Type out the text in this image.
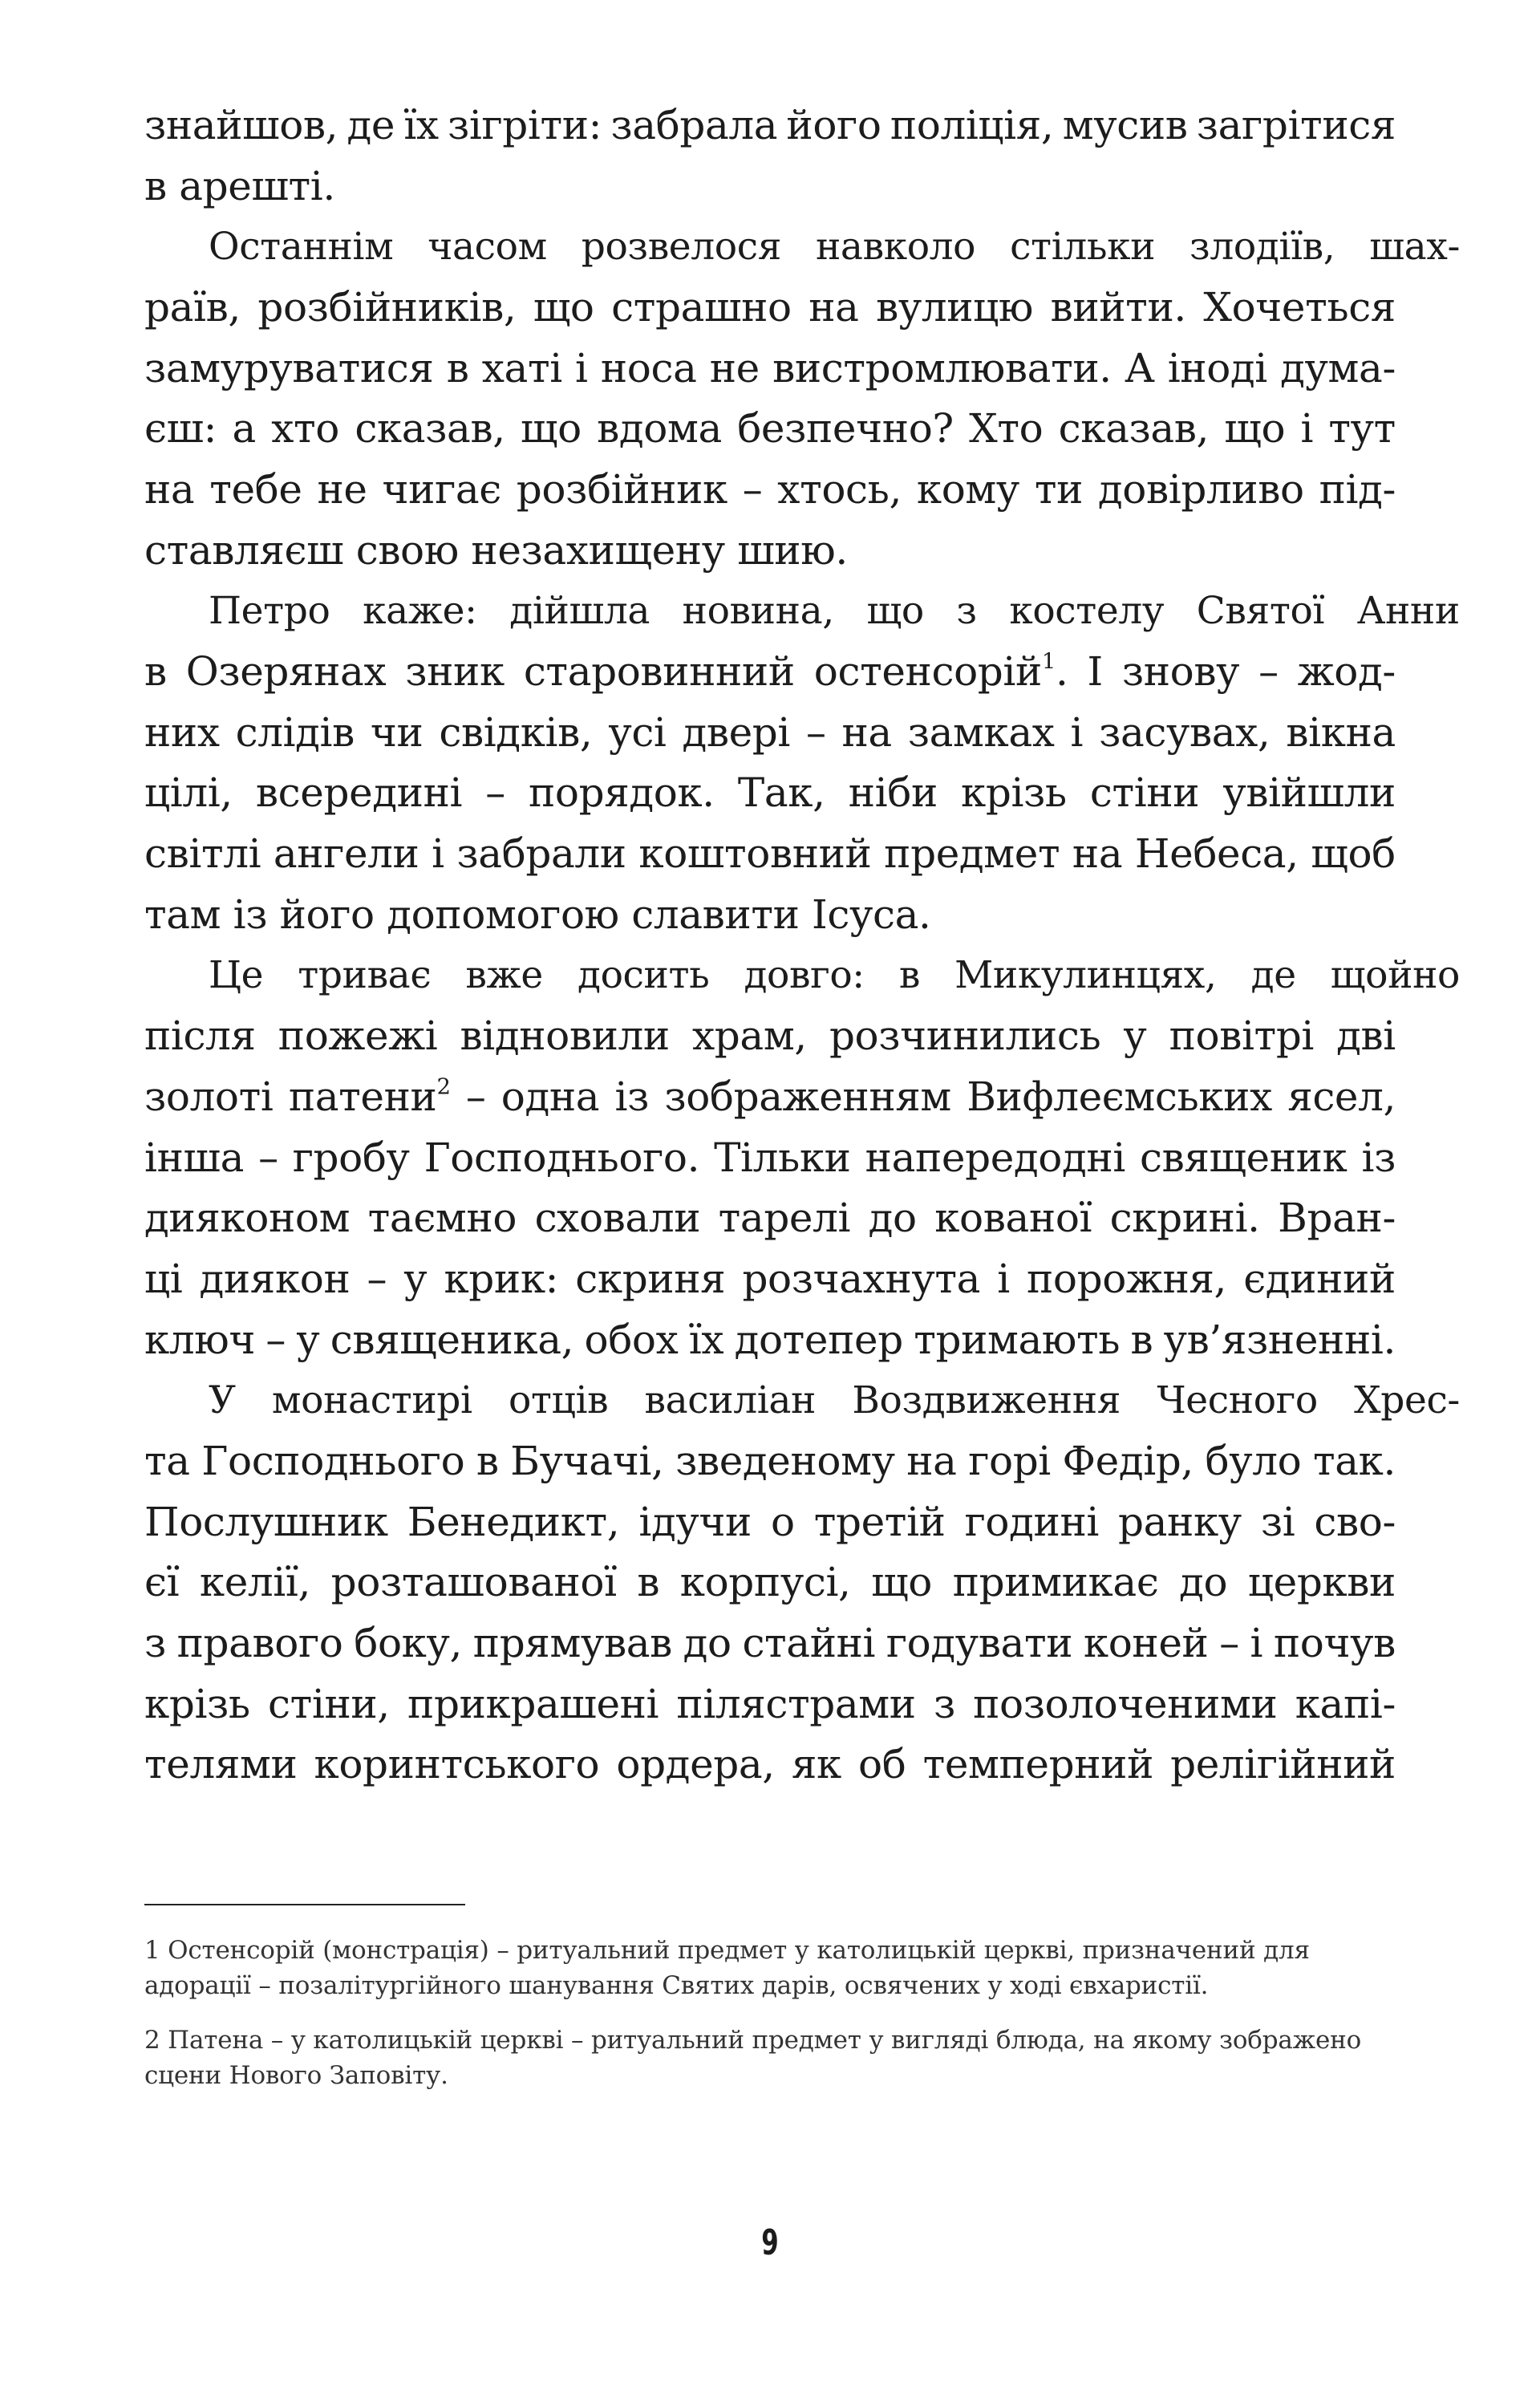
знайшов, де їх зігріти: забрала його поліція, мусив загрітися
в арешті.
Останнім часом розвелося навколо стільки злодіїв, шах-
раїв, розбійників, що страшно на вулицю вийти. Хочеться
замуруватися в хаті і носа не вистромлювати. А іноді дума-
єш: а хто сказав, що вдома безпечно? Хто сказав, що і тут
на тебе не чигає розбійник – хтось, кому ти довірливо під-
ставляєш свою незахищену шию.
Петро каже: дійшла новина, що з костелу Святої Анни
в Озерянах зник старовинний остенсорій$^1$. І знову – жод-
них слідів чи свідків, усі двері – на замках і засувах, вікна
цілі, всередині – порядок. Так, ніби крізь стіни увійшли
світлі ангели і забрали коштовний предмет на Небеса, щоб
там із його допомогою славити Ісуса.
Це триває вже досить довго: в Микулинцях, де щойно
після пожежі відновили храм, розчинились у повітрі дві
золоті патени$^2$ – одна із зображенням Вифлеємських ясел,
інша – гробу Господнього. Тільки напередодні священик із
дияконом таємно сховали тарелі до кованої скрині. Вран-
ці диякон – у крик: скриня розчахнута і порожня, єдиний
ключ – у священика, обох їх дотепер тримають в ув’язненні.
У монастирі отців василіан Воздвиження Чесного Хрес-
та Господнього в Бучачі, зведеному на горі Федір, було так.
Послушник Бенедикт, ідучи о третій годині ранку зі сво-
єї келії, розташованої в корпусі, що примикає до церкви
з правого боку, прямував до стайні годувати коней – і почув
крізь стіни, прикрашені пілястрами з позолоченими капі-
телями коринтського ордера, як об темперний релігійний
1 Остенсорій (монстрація) – ритуальний предмет у католицькій церкві, призначений для
адорації – позалітургійного шанування Святих дарів, освячених у ході євхаристії.
2 Патена – у католицькій церкві – ритуальний предмет у вигляді блюда, на якому зображено
сцени Нового Заповіту.
9
